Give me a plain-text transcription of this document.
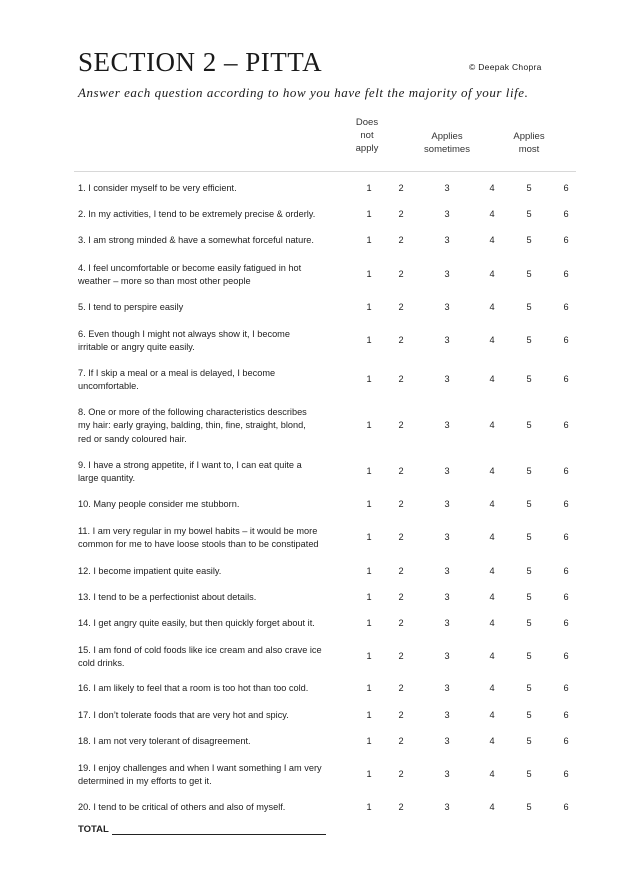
SECTION 2 – PITTA	© Deepak Chopra
Answer each question according to how you have felt the majority of your life.
Does
not
apply
Applies
sometimes
Applies
most
1. I consider myself to be very efficient.	1	2	3	4	5	6
2. In my activities, I tend to be extremely precise & orderly.	1	2	3	4	5	6
3. I am strong minded & have a somewhat forceful nature.	1	2	3	4	5	6
4. I feel uncomfortable or become easily fatigued in hot
weather – more so than most other people
1	2	3	4	5	6
5. I tend to perspire easily	1	2	3	4	5	6
6. Even though I might not always show it, I become
irritable or angry quite easily.
1	2	3	4	5	6
7. If I skip a meal or a meal is delayed, I become
uncomfortable.
1	2	3	4	5	6
8. One or more of the following characteristics describes
my hair: early graying, balding, thin, fine, straight, blond,
red or sandy coloured hair.
1	2	3	4	5	6
9. I have a strong appetite, if I want to, I can eat quite a
large quantity.
1	2	3	4	5	6
10. Many people consider me stubborn.	1	2	3	4	5	6
11. I am very regular in my bowel habits – it would be more
common for me to have loose stools than to be constipated
1	2	3	4	5	6
12. I become impatient quite easily.	1	2	3	4	5	6
13. I tend to be a perfectionist about details.	1	2	3	4	5	6
14. I get angry quite easily, but then quickly forget about it.	1	2	3	4	5	6
15. I am fond of cold foods like ice cream and also crave ice
cold drinks.
1	2	3	4	5	6
16. I am likely to feel that a room is too hot than too cold.	1	2	3	4	5	6
17. I don’t tolerate foods that are very hot and spicy.	1	2	3	4	5	6
18. I am not very tolerant of disagreement.	1	2	3	4	5	6
19. I enjoy challenges and when I want something I am very
determined in my efforts to get it.
1	2	3	4	5	6
20. I tend to be critical of others and also of myself.	1	2	3	4	5	6
TOTAL
